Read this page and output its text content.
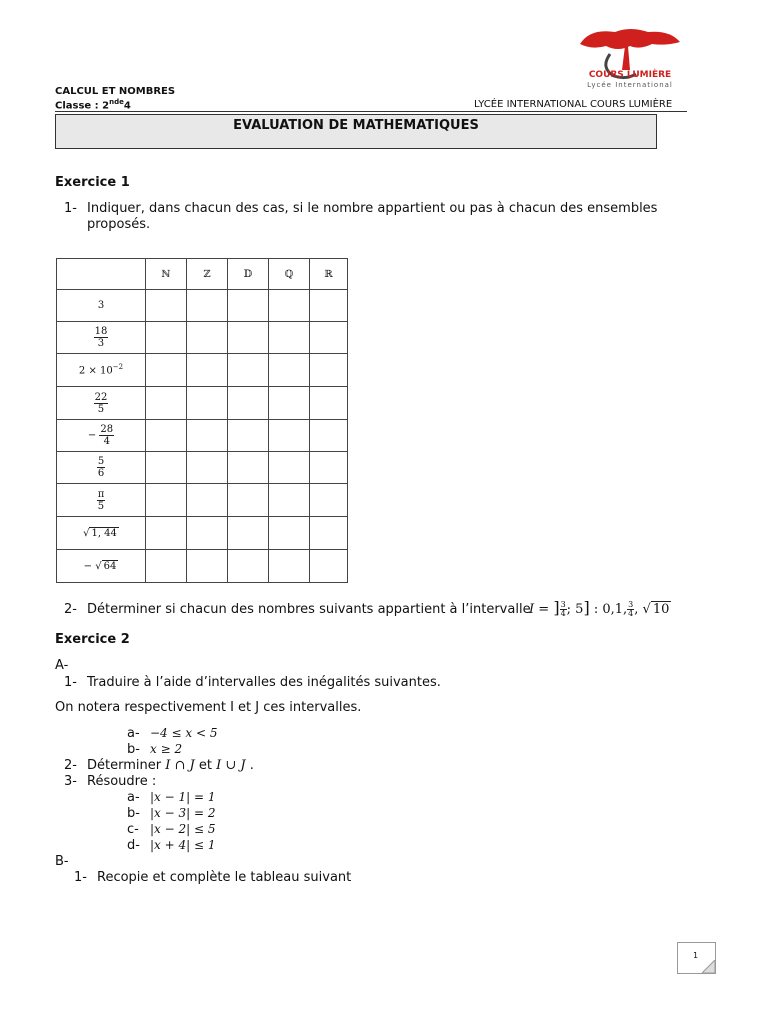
COURS LUMIÈRE
Lycée International
CALCUL ET NOMBRES
Classe : 2nde4	LYCÉE INTERNATIONAL COURS LUMIÈRE
EVALUATION DE MATHEMATIQUES
Exercice 1
1- Indiquer, dans chacun des cas, si le nombre appartient ou pas à chacun des ensembles
proposés.
	ℕ	ℤ	𝔻	ℚ	ℝ
3					

$\frac{18}{3}$

$2 \times 10^{-2}$					

$\frac{22}{5}$

− $\frac{28}{4}$

$\frac{5}{6}$

$\frac{\pi}{5}$

√ 1, 44					
− √ 64					
2- Déterminer si chacun des nombres suivants appartient à l’intervalle
I = ] $\frac{3}{4}$ ; 5] : 0,1, $\frac{3}{4}$ , √ 10
Exercice 2
A-
1- Traduire à l’aide d’intervalles des inégalités suivantes.
On notera respectivement I et J ces intervalles.
a- −4 ≤ x < 5
b- x ≥ 2
2- Déterminer I ∩ J et I ∪ J .
3- Résoudre :
a- |x − 1| = 1
b- |x − 3| = 2
c- |x − 2| ≤ 5
d- |x + 4| ≤ 1
B-
1- Recopie et complète le tableau suivant
1
